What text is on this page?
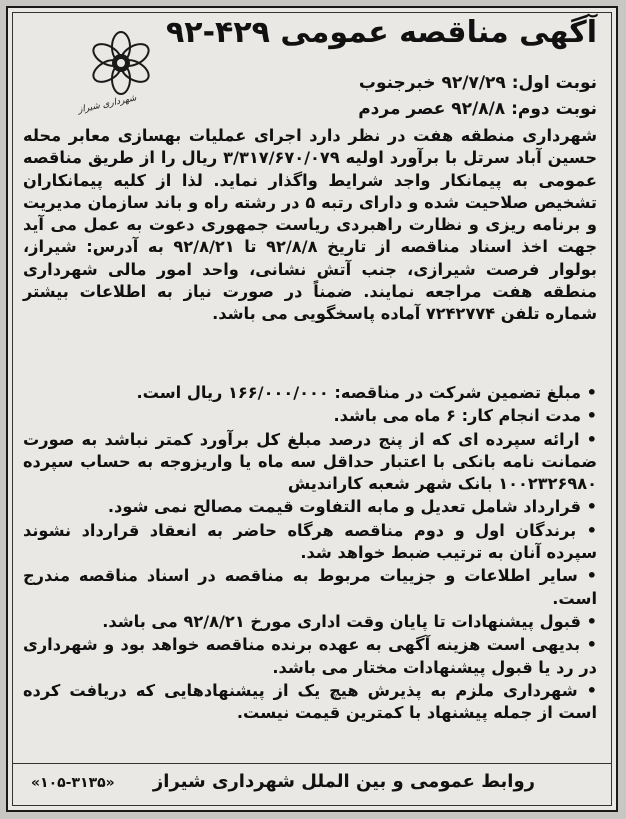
آگهی مناقصه عمومی ۴۲۹-۹۲
شهرداری شیراز
نوبت اول: ۹۲/۷/۲۹ خبرجنوب
نوبت دوم: ۹۲/۸/۸ عصر مردم

شهرداری منطقه هفت در نظر دارد اجرای عملیات بهسازی معابر محله حسین آباد سرتل با برآورد اولیه ۳/۳۱۷/۶۷۰/۰۷۹ ریال را از طریق مناقصه عمومی به پیمانکار واجد شرایط واگذار نماید. لذا از کلیه پیمانکاران تشخیص صلاحیت شده و دارای رتبه ۵ در رشته راه و باند سازمان مدیریت و برنامه ریزی و نظارت راهبردی ریاست جمهوری دعوت به عمل می آید جهت اخذ اسناد مناقصه از تاریخ ۹۲/۸/۸ تا ۹۲/۸/۲۱ به آدرس: شیراز، بولوار فرصت شیرازی، جنب آتش نشانی، واحد امور مالی شهرداری منطقه هفت مراجعه نمایند. ضمناً در صورت نیاز به اطلاعات بیشتر شماره تلفن ۷۲۴۲۷۷۴ آماده پاسخگویی می باشد.

• مبلغ تضمین شرکت در مناقصه: ۱۶۶/۰۰۰/۰۰۰ ریال است.
• مدت انجام کار: ۶ ماه می باشد.
• ارائه سپرده ای که از پنج درصد مبلغ کل برآورد کمتر نباشد به صورت ضمانت نامه بانکی با اعتبار حداقل سه ماه یا واریزوجه به حساب سپرده ۱۰۰۲۳۲۶۹۸۰ بانک شهر شعبه کاراندیش
• قرارداد شامل تعدیل و مابه التفاوت قیمت مصالح نمی شود.
• برندگان اول و دوم مناقصه هرگاه حاضر به انعقاد قرارداد نشوند سپرده آنان به ترتیب ضبط خواهد شد.
• سایر اطلاعات و جزییات مربوط به مناقصه در اسناد مناقصه مندرج است.
• قبول پیشنهادات تا پایان وقت اداری مورخ ۹۲/۸/۲۱ می باشد.
• بدیهی است هزینه آگهی به عهده برنده مناقصه خواهد بود و شهرداری در رد یا قبول پیشنهادات مختار می باشد.
• شهرداری ملزم به پذیرش هیچ یک از پیشنهادهایی که دریافت کرده است از جمله پیشنهاد با کمترین قیمت نیست.
روابط عمومی و بین الملل شهرداری شیراز
«۱۰۵-۳۱۳۵»
